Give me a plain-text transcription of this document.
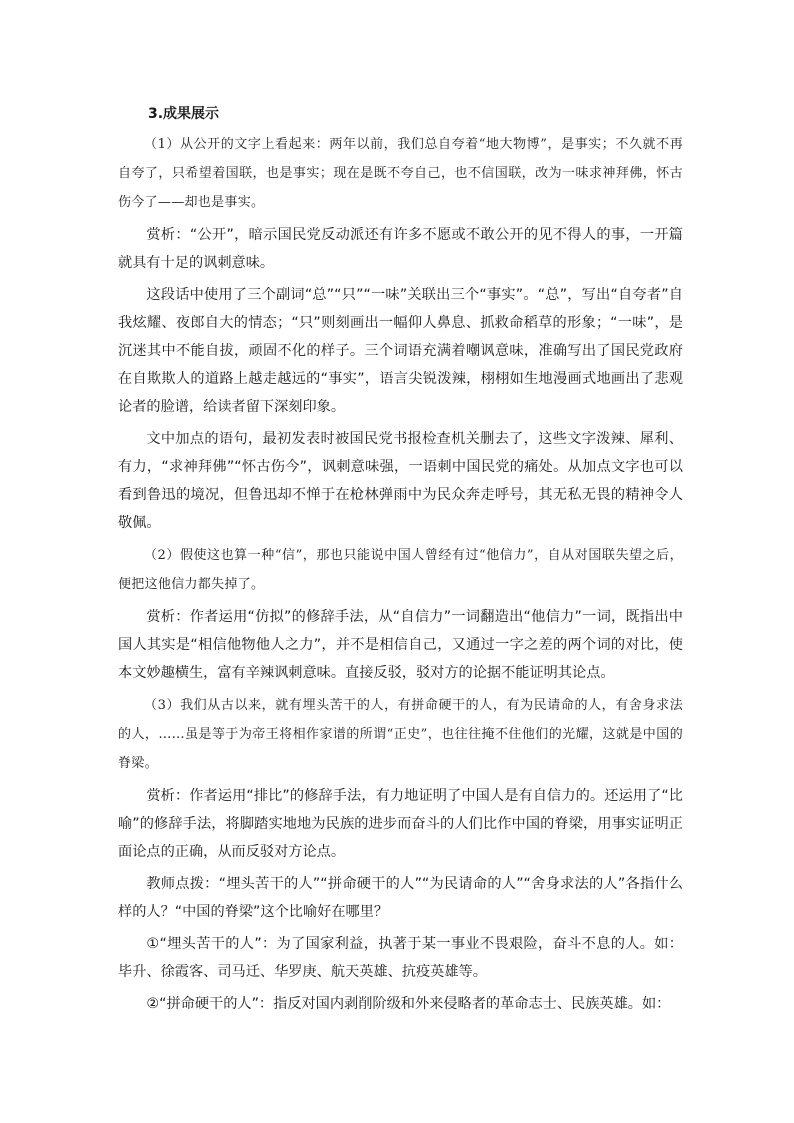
3.成果展示

（1）从公开的文字上看起来：两年以前，我们总自夸着“地大物博”，是事实；不久就不再自夸了，只希望着国联，也是事实；现在是既不夸自己，也不信国联，改为一味求神拜佛，怀古伤今了——却也是事实。

赏析：“公开”，暗示国民党反动派还有许多不愿或不敢公开的见不得人的事，一开篇就具有十足的讽刺意味。

这段话中使用了三个副词“总”“只”“一味”关联出三个“事实”。“总”，写出“自夸者”自我炫耀、夜郎自大的情态；“只”则刻画出一幅仰人鼻息、抓救命稻草的形象；“一味”，是沉迷其中不能自拔，顽固不化的样子。三个词语充满着嘲讽意味，准确写出了国民党政府在自欺欺人的道路上越走越远的“事实”，语言尖锐泼辣，栩栩如生地漫画式地画出了悲观论者的脸谱，给读者留下深刻印象。

文中加点的语句，最初发表时被国民党书报检查机关删去了，这些文字泼辣、犀利、有力，“求神拜佛”“怀古伤今”，讽刺意味强，一语刺中国民党的痛处。从加点文字也可以看到鲁迅的境况，但鲁迅却不惮于在枪林弹雨中为民众奔走呼号，其无私无畏的精神令人敬佩。

（2）假使这也算一种“信”，那也只能说中国人曾经有过“他信力”，自从对国联失望之后，便把这他信力都失掉了。

赏析：作者运用“仿拟”的修辞手法，从“自信力”一词翻造出“他信力”一词，既指出中国人其实是“相信他物他人之力”，并不是相信自己，又通过一字之差的两个词的对比，使本文妙趣横生，富有辛辣讽刺意味。直接反驳，驳对方的论据不能证明其论点。

（3）我们从古以来，就有埋头苦干的人，有拼命硬干的人，有为民请命的人，有舍身求法的人，……虽是等于为帝王将相作家谱的所谓“正史”，也往往掩不住他们的光耀，这就是中国的脊梁。

赏析：作者运用“排比”的修辞手法，有力地证明了中国人是有自信力的。还运用了“比喻”的修辞手法，将脚踏实地地为民族的进步而奋斗的人们比作中国的脊梁，用事实证明正面论点的正确，从而反驳对方论点。

教师点拨：“埋头苦干的人”“拼命硬干的人”“为民请命的人”“舍身求法的人”各指什么样的人？“中国的脊梁”这个比喻好在哪里？

①“埋头苦干的人”：为了国家利益，执著于某一事业不畏艰险，奋斗不息的人。如：毕升、徐霞客、司马迁、华罗庚、航天英雄、抗疫英雄等。

②“拼命硬干的人”：指反对国内剥削阶级和外来侵略者的革命志士、民族英雄。如：
